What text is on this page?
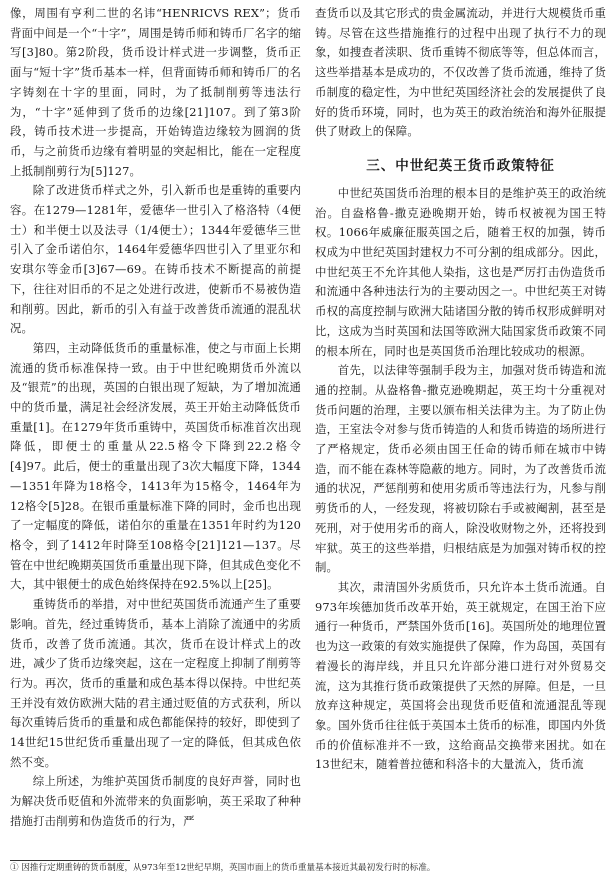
像，周围有亨利二世的名讳“HENRICVS REX”；货币背面中间是一个“十字”，周围是铸币师和铸币厂名字的缩写[3]80。第2阶段，货币设计样式进一步调整，货币正面与“短十字”货币基本一样，但背面铸币师和铸币厂的名字铸刻在十字的里面，同时，为了抵制削剪等违法行为，“十字”延伸到了货币的边缘[21]107。到了第3阶段，铸币技术进一步提高，开始铸造边缘较为圆润的货币，与之前货币边缘有着明显的突起相比，能在一定程度上抵制削剪行为[5]127。

除了改进货币样式之外，引入新币也是重铸的重要内容。在1279—1281年，爱德华一世引入了格洛特（4便士）和半便士以及法寻（1/4便士）；1344年爱德华三世引入了金币诺伯尔，1464年爱德华四世引入了里亚尔和安琪尔等金币[3]67—69。在铸币技术不断提高的前提下，往往对旧币的不足之处进行改进，使新币不易被伪造和削剪。因此，新币的引入有益于改善货币流通的混乱状况。

第四，主动降低货币的重量标准，使之与市面上长期流通的货币标准保持一致。由于中世纪晚期货币外流以及“银荒”的出现，英国的白银出现了短缺，为了增加流通中的货币量，满足社会经济发展，英王开始主动降低货币重量[1]。在1279年货币重铸中，英国货币标准首次出现降低，即便士的重量从22.5格令下降到22.2格令[4]97。此后，便士的重量出现了3次大幅度下降，1344—1351年降为18格令，1413年为15格令，1464年为12格令[5]28。在银币重量标准下降的同时，金币也出现了一定幅度的降低，诺伯尔的重量在1351年时约为120格令，到了1412年时降至108格令[21]121—137。尽管在中世纪晚期英国货币重量出现下降，但其成色变化不大，其中银便士的成色始终保持在92.5%以上[25]。

重铸货币的举措，对中世纪英国货币流通产生了重要影响。首先，经过重铸货币，基本上消除了流通中的劣质货币，改善了货币流通。其次，货币在设计样式上的改进，减少了货币边缘突起，这在一定程度上抑制了削剪等行为。再次，货币的重量和成色基本得以保持。中世纪英王并没有效仿欧洲大陆的君主通过贬值的方式获利，所以每次重铸后货币的重量和成色都能保持的较好，即使到了14世纪15世纪货币重量出现了一定的降低，但其成色依然不变。

综上所述，为维护英国货币制度的良好声誉，同时也为解决货币贬值和外流带来的负面影响，英王采取了种种措施打击削剪和伪造货币的行为，严

查货币以及其它形式的贵金属流动，并进行大规模货币重铸。尽管在这些措施推行的过程中出现了执行不力的现象，如捜查者渎职、货币重铸不彻底等等，但总体而言，这些举措基本是成功的，不仅改善了货币流通，维持了货币制度的稳定性，为中世纪英国经济社会的发展提供了良好的货币环境，同时，也为英王的政治统治和海外征服提供了财政上的保障。

三、中世纪英王货币政策特征

中世纪英国货币治理的根本目的是维护英王的政治统治。自盎格鲁-撒克逊晚期开始，铸币权被视为国王特权。1066年威廉征服英国之后，随着王权的加强，铸币权成为中世纪英国封建权力不可分割的组成部分。因此，中世纪英王不允许其他人染指，这也是严厉打击伪造货币和流通中各种违法行为的主要动因之一。中世纪英王对铸币权的高度控制与欧洲大陆诸国分散的铸币权形成鲜明对比，这成为当时英国和法国等欧洲大陆国家货币政策不同的根本所在，同时也是英国货币治理比较成功的根源。

首先，以法律等强制手段为主，加强对货币铸造和流通的控制。从盎格鲁-撒克逊晚期起，英王均十分重视对货币问题的治理，主要以颁布相关法律为主。为了防止伪造，王室法令对参与货币铸造的人和货币铸造的场所进行了严格规定，货币必须由国王任命的铸币师在城市中铸造，而不能在森林等隐蔽的地方。同时，为了改善货币流通的状况，严惩削剪和使用劣质币等违法行为，凡参与削剪货币的人，一经发现，将被切除右手或被阉割，甚至是死刑，对于使用劣币的商人，除没收财物之外，还将投到牢狱。英王的这些举措，归根结底是为加强对铸币权的控制。

其次，肃清国外劣质货币，只允许本土货币流通。自973年埃德加货币改革开始，英王就规定，在国王治下应通行一种货币，严禁国外货币[16]。英国所处的地理位置也为这一政策的有效实施提供了保障，作为岛国，英国有着漫长的海岸线，并且只允许部分港口进行对外贸易交流，这为其推行货币政策提供了天然的屏障。但是，一旦放弃这种规定，英国将会出现货币贬值和流通混乱等现象。国外货币往往低于英国本土货币的标准，即国内外货币的价值标准并不一致，这给商品交换带来困扰。如在13世纪末，随着普拉德和科洛卡的大量流入，货币流

① 因推行定期重铸的货币制度，从973年至12世纪早期，英国市面上的货币重量基本接近其最初发行时的标准。
